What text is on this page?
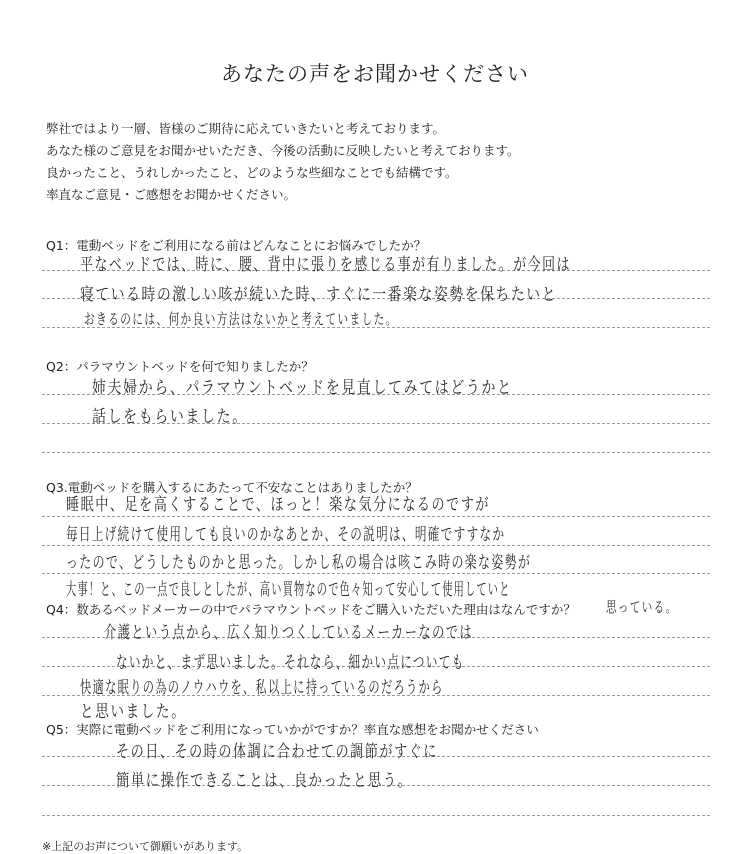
あなたの声をお聞かせください
弊社ではより一層、皆様のご期待に応えていきたいと考えております。
あなた様のご意見をお聞かせいただき、今後の活動に反映したいと考えております。
良かったこと、うれしかったこと、どのような些細なことでも結構です。
率直なご意見・ご感想をお聞かせください。
Q1：電動ベッドをご利用になる前はどんなことにお悩みでしたか？
平なベッドでは、時に、腰、背中に張りを感じる事が有りました。が今回は
寝ている時の激しい咳が続いた時、すぐに一番楽な姿勢を保ちたいと
おきるのには、何か良い方法はないかと考えていました。
Q2：パラマウントベッドを何で知りましたか？
姉夫婦から、パラマウントベッドを見直してみてはどうかと
話しをもらいました。
Q3.電動ベッドを購入するにあたって不安なことはありましたか？
睡眠中、足を高くすることで、ほっと！楽な気分になるのですが
毎日上げ続けて使用しても良いのかなあとか、その説明は、明確ですすなか
ったので、どうしたものかと思った。しかし私の場合は咳こみ時の楽な姿勢が
大事！と、この一点で良しとしたが、高い買物なので色々知って安心して使用していと
Q4：数あるベッドメーカーの中でパラマウントベッドをご購入いただいた理由はなんですか？	思っている。
介護という点から、広く知りつくしているメーカーなのでは
ないかと、まず思いました。それなら、細かい点についても
快適な眠りの為のノウハウを、私以上に持っているのだろうから
と思いました。
Q5：実際に電動ベッドをご利用になっていかがですか？率直な感想をお聞かせください
その日、その時の体調に合わせての調節がすぐに
簡単に操作できることは、良かったと思う。
※上記のお声について御願いがあります。
